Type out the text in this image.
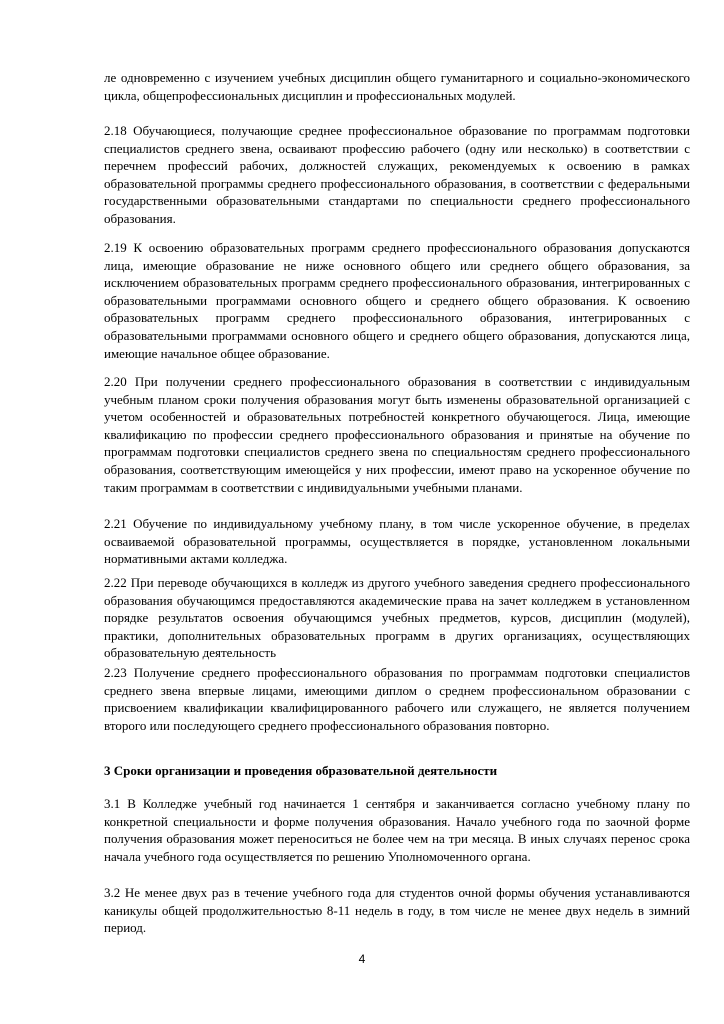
ле одновременно с изучением учебных дисциплин общего гуманитарного и социально-экономического цикла, общепрофессиональных дисциплин и профессиональных модулей.

2.18 Обучающиеся, получающие среднее профессиональное образование по программам подготовки специалистов среднего звена, осваивают профессию рабочего (одну или несколько) в соответствии с перечнем профессий рабочих, должностей служащих, рекомендуемых к освоению в рамках образовательной программы среднего профессионального образования, в соответствии с федеральными государственными образовательными стандартами по специальности среднего профессионального образования.

2.19 К освоению образовательных программ среднего профессионального образования допускаются лица, имеющие образование не ниже основного общего или среднего общего образования, за исключением образовательных программ среднего профессионального образования, интегрированных с образовательными программами основного общего и среднего общего образования. К освоению образовательных программ среднего профессионального образования, интегрированных с образовательными программами основного общего и среднего общего образования, допускаются лица, имеющие начальное общее образование.

2.20 При получении среднего профессионального образования в соответствии с индивидуальным учебным планом сроки получения образования могут быть изменены образовательной организацией с учетом особенностей и образовательных потребностей конкретного обучающегося. Лица, имеющие квалификацию по профессии среднего профессионального образования и принятые на обучение по программам подготовки специалистов среднего звена по специальностям среднего профессионального образования, соответствующим имеющейся у них профессии, имеют право на ускоренное обучение по таким программам в соответствии с индивидуальными учебными планами.

2.21 Обучение по индивидуальному учебному плану, в том числе ускоренное обучение, в пределах осваиваемой образовательной программы, осуществляется в порядке, установленном локальными нормативными актами колледжа.

2.22 При переводе обучающихся в колледж из другого учебного заведения среднего профессионального образования обучающимся предоставляются академические права на зачет колледжем в установленном порядке результатов освоения обучающимся учебных предметов, курсов, дисциплин (модулей), практики, дополнительных образовательных программ в других организациях, осуществляющих образовательную деятельность

2.23 Получение среднего профессионального образования по программам подготовки специалистов среднего звена впервые лицами, имеющими диплом о среднем профессиональном образовании с присвоением квалификации квалифицированного рабочего или служащего, не является получением второго или последующего среднего профессионального образования повторно.

3 Сроки организации и проведения образовательной деятельности

3.1 В Колледже учебный год начинается 1 сентября и заканчивается согласно учебному плану по конкретной специальности и форме получения образования. Начало учебного года по заочной форме получения образования может переноситься не более чем на три месяца. В иных случаях перенос срока начала учебного года осуществляется по решению Уполномоченного органа.

3.2 Не менее двух раз в течение учебного года для студентов очной формы обучения устанавливаются каникулы общей продолжительностью 8-11 недель в году, в том числе не менее двух недель в зимний период.

4
